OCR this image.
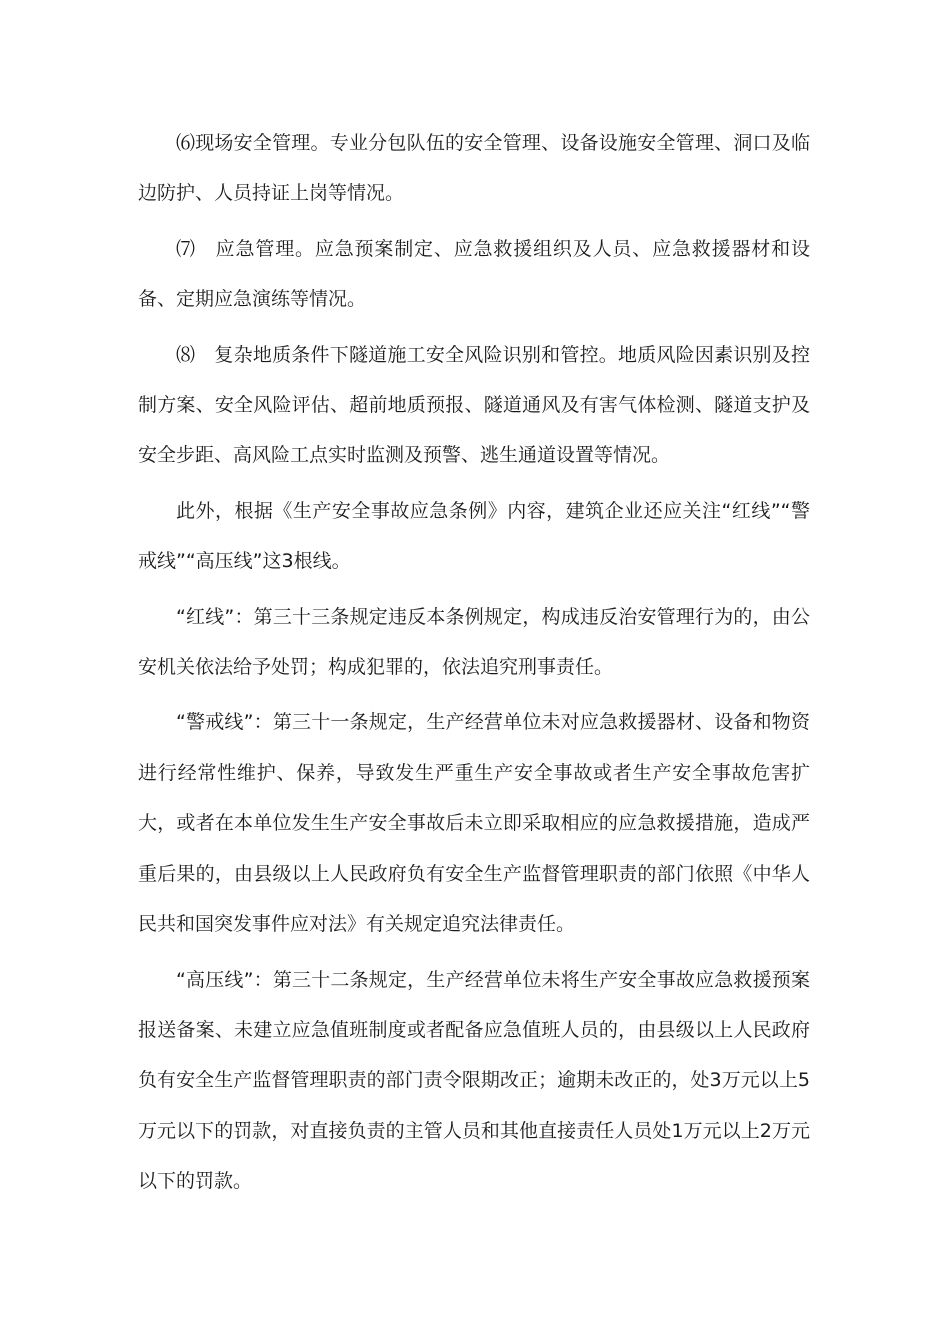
⑹现场安全管理。专业分包队伍的安全管理、设备设施安全管理、洞口及临边防护、人员持证上岗等情况。

⑺　应急管理。应急预案制定、应急救援组织及人员、应急救援器材和设备、定期应急演练等情况。

⑻　复杂地质条件下隧道施工安全风险识别和管控。地质风险因素识别及控制方案、安全风险评估、超前地质预报、隧道通风及有害气体检测、隧道支护及安全步距、高风险工点实时监测及预警、逃生通道设置等情况。

此外，根据《生产安全事故应急条例》内容，建筑企业还应关注“红线”“警戒线”“高压线”这3根线。

“红线”：第三十三条规定违反本条例规定，构成违反治安管理行为的，由公安机关依法给予处罚；构成犯罪的，依法追究刑事责任。

“警戒线”：第三十一条规定，生产经营单位未对应急救援器材、设备和物资进行经常性维护、保养，导致发生严重生产安全事故或者生产安全事故危害扩大，或者在本单位发生生产安全事故后未立即采取相应的应急救援措施，造成严重后果的，由县级以上人民政府负有安全生产监督管理职责的部门依照《中华人民共和国突发事件应对法》有关规定追究法律责任。

“高压线”：第三十二条规定，生产经营单位未将生产安全事故应急救援预案报送备案、未建立应急值班制度或者配备应急值班人员的，由县级以上人民政府负有安全生产监督管理职责的部门责令限期改正；逾期未改正的，处3万元以上5万元以下的罚款，对直接负责的主管人员和其他直接责任人员处1万元以上2万元以下的罚款。
